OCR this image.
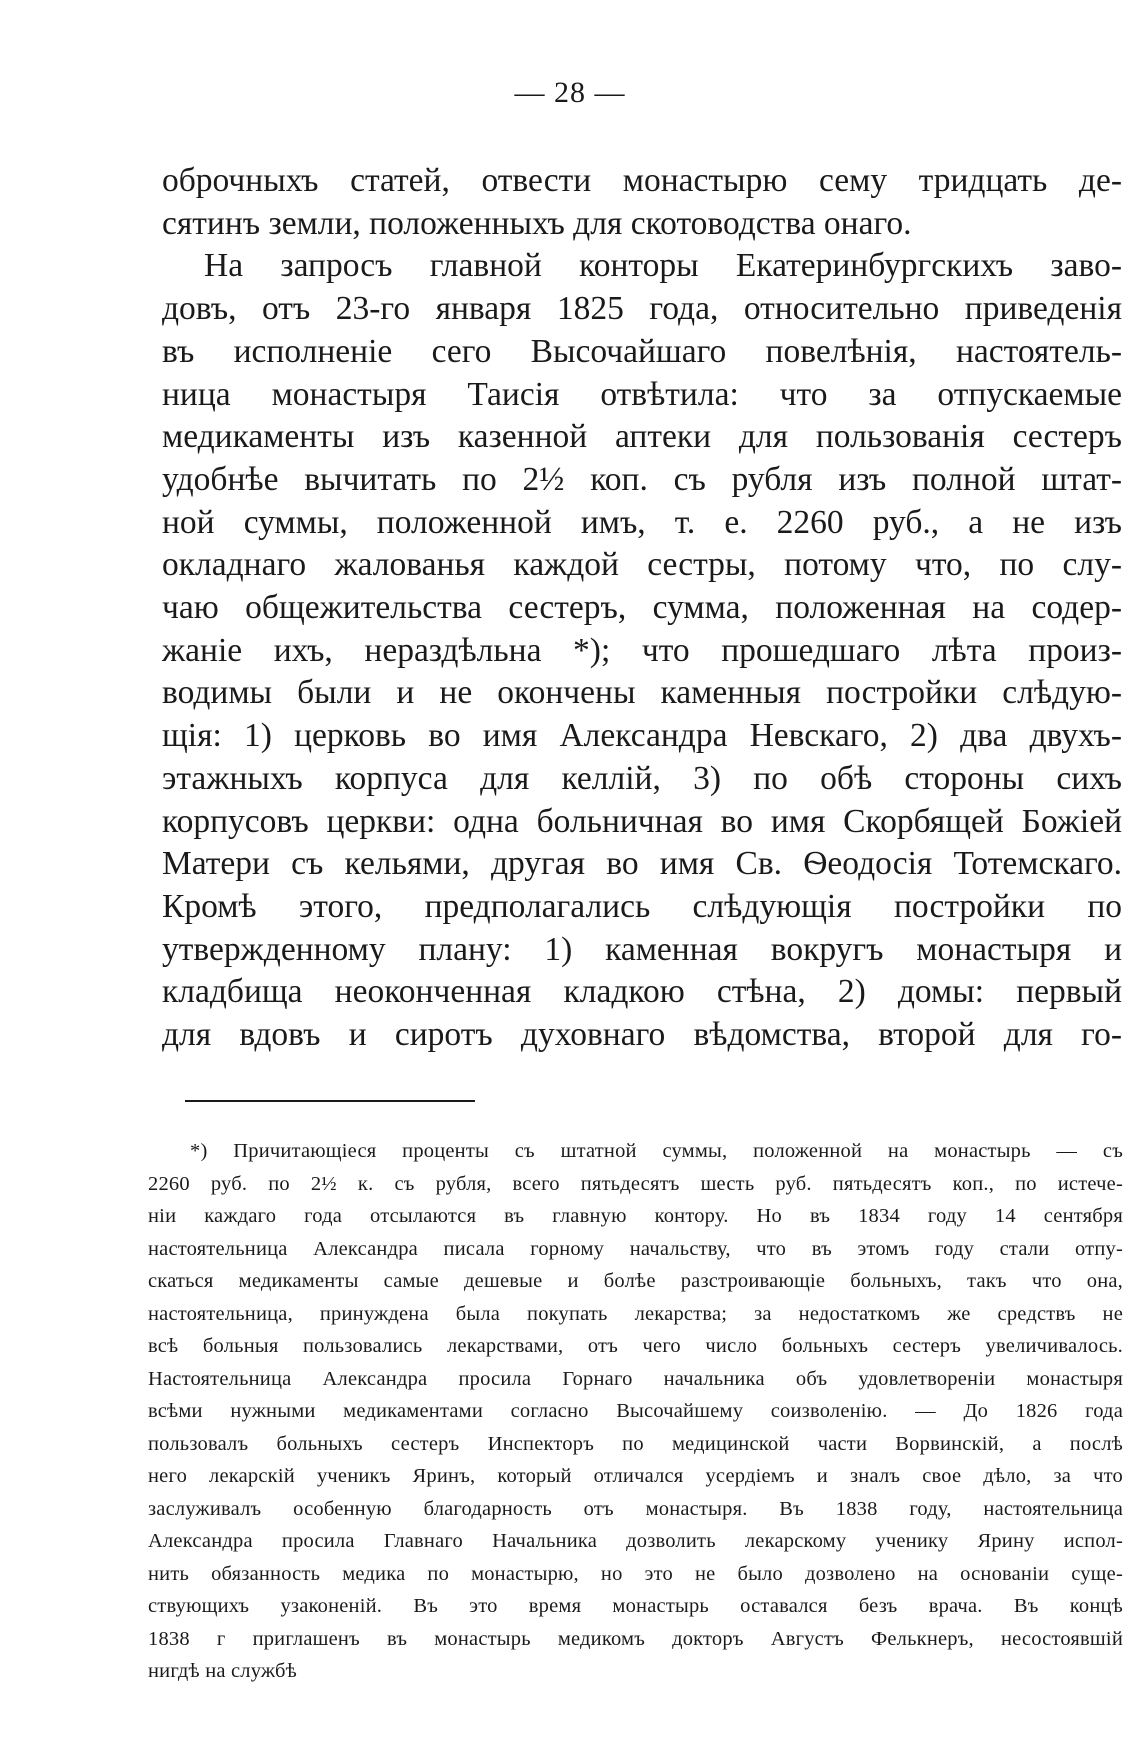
— 28 —
оброчныхъ статей, отвести монастырю сему тридцать де-
сятинъ земли, положенныхъ для скотоводства онаго.
На запросъ главной конторы Екатеринбургскихъ заво-
довъ, отъ 23-го января 1825 года, относительно приведенія
въ исполненіе сего Высочайшаго повелѣнія, настоятель-
ница монастыря Таисія отвѣтила: что за отпускаемые
медикаменты изъ казенной аптеки для пользованія сестеръ
удобнѣе вычитать по 2½ коп. съ рубля изъ полной штат-
ной суммы, положенной имъ, т. е. 2260 руб., а не изъ
окладнаго жалованья каждой сестры, потому что, по слу-
чаю общежительства сестеръ, сумма, положенная на содер-
жаніе ихъ, нераздѣльна *); что прошедшаго лѣта произ-
водимы были и не окончены каменныя постройки слѣдую-
щія: 1) церковь во имя Александра Невскаго, 2) два двухъ-
этажныхъ корпуса для келлій, 3) по обѣ стороны сихъ
корпусовъ церкви: одна больничная во имя Скорбящей Божіей
Матери съ кельями, другая во имя Св. Ѳеодосія Тотемскаго.
Кромѣ этого, предполагались слѣдующія постройки по
утвержденному плану: 1) каменная вокругъ монастыря и
кладбища неоконченная кладкою стѣна, 2) домы: первый
для вдовъ и сиротъ духовнаго вѣдомства, второй для го-
*) Причитающіеся проценты съ штатной суммы, положенной на монастырь — съ
2260 руб. по 2½ к. съ рубля, всего пятьдесятъ шесть руб. пятьдесятъ коп., по истече-
ніи каждаго года отсылаются въ главную контору. Но въ 1834 году 14 сентября
настоятельница Александра писала горному начальству, что въ этомъ году стали отпу-
скаться медикаменты самые дешевые и болѣе разстроивающіе больныхъ, такъ что она,
настоятельница, принуждена была покупать лекарства; за недостаткомъ же средствъ не
всѣ больныя пользовались лекарствами, отъ чего число больныхъ сестеръ увеличивалось.
Настоятельница Александра просила Горнаго начальника объ удовлетвореніи монастыря
всѣми нужными медикаментами согласно Высочайшему соизволенію. — До 1826 года
пользовалъ больныхъ сестеръ Инспекторъ по медицинской части Ворвинскій, а послѣ
него лекарскій ученикъ Яринъ, который отличался усердіемъ и зналъ свое дѣло, за что
заслуживалъ особенную благодарность отъ монастыря. Въ 1838 году, настоятельница
Александра просила Главнаго Начальника дозволить лекарскому ученику Ярину испол-
нить обязанность медика по монастырю, но это не было дозволено на основаніи суще-
ствующихъ узаконеній. Въ это время монастырь оставался безъ врача. Въ концѣ
1838 г приглашенъ въ монастырь медикомъ докторъ Августъ Фелькнеръ, несостоявшій
нигдѣ на службѣ
